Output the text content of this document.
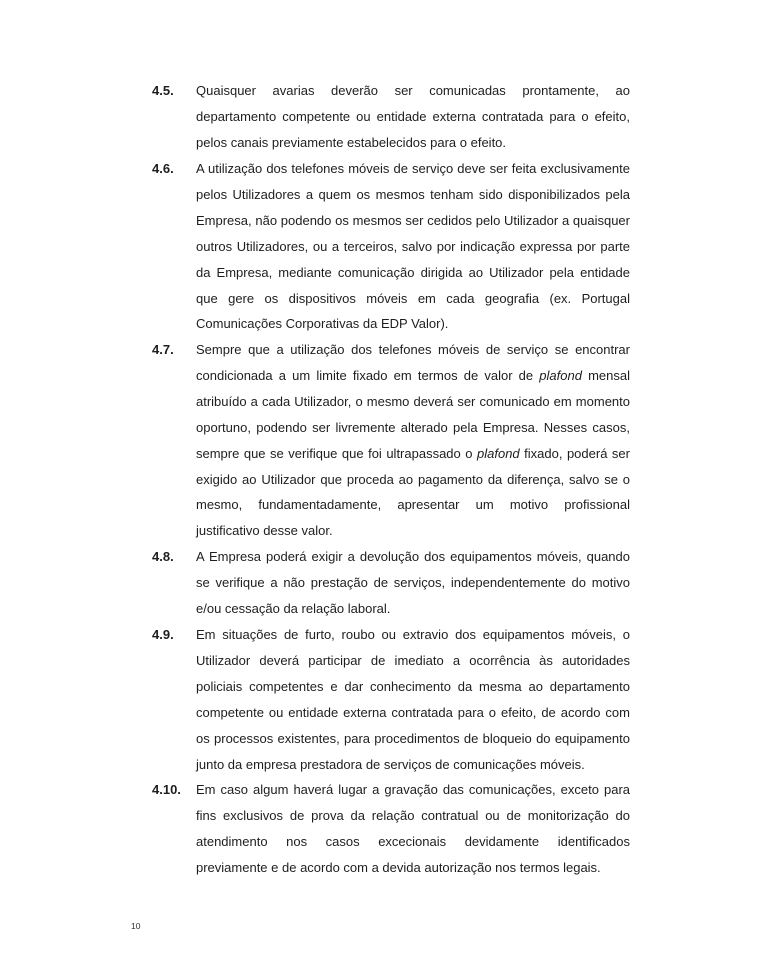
4.5. Quaisquer avarias deverão ser comunicadas prontamente, ao departamento competente ou entidade externa contratada para o efeito, pelos canais previamente estabelecidos para o efeito.
4.6. A utilização dos telefones móveis de serviço deve ser feita exclusivamente pelos Utilizadores a quem os mesmos tenham sido disponibilizados pela Empresa, não podendo os mesmos ser cedidos pelo Utilizador a quaisquer outros Utilizadores, ou a terceiros, salvo por indicação expressa por parte da Empresa, mediante comunicação dirigida ao Utilizador pela entidade que gere os dispositivos móveis em cada geografia (ex. Portugal Comunicações Corporativas da EDP Valor).
4.7. Sempre que a utilização dos telefones móveis de serviço se encontrar condicionada a um limite fixado em termos de valor de plafond mensal atribuído a cada Utilizador, o mesmo deverá ser comunicado em momento oportuno, podendo ser livremente alterado pela Empresa. Nesses casos, sempre que se verifique que foi ultrapassado o plafond fixado, poderá ser exigido ao Utilizador que proceda ao pagamento da diferença, salvo se o mesmo, fundamentadamente, apresentar um motivo profissional justificativo desse valor.
4.8. A Empresa poderá exigir a devolução dos equipamentos móveis, quando se verifique a não prestação de serviços, independentemente do motivo e/ou cessação da relação laboral.
4.9. Em situações de furto, roubo ou extravio dos equipamentos móveis, o Utilizador deverá participar de imediato a ocorrência às autoridades policiais competentes e dar conhecimento da mesma ao departamento competente ou entidade externa contratada para o efeito, de acordo com os processos existentes, para procedimentos de bloqueio do equipamento junto da empresa prestadora de serviços de comunicações móveis.
4.10. Em caso algum haverá lugar a gravação das comunicações, exceto para fins exclusivos de prova da relação contratual ou de monitorização do atendimento nos casos excecionais devidamente identificados previamente e de acordo com a devida autorização nos termos legais.
10
